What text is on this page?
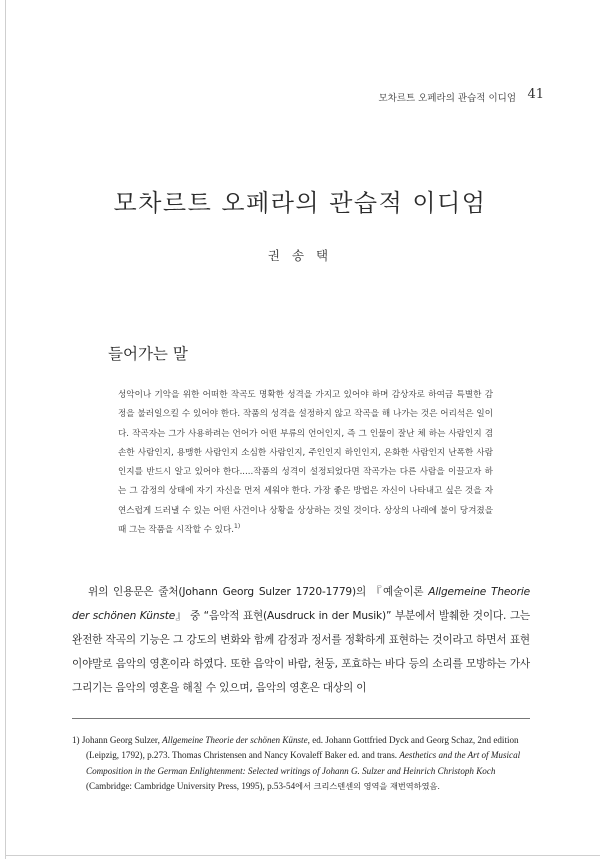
모차르트 오페라의 관습적 이디엄 41
모차르트 오페라의 관습적 이디엄
권 송 택
들어가는 말

성악이나 기악을 위한 어떠한 작곡도 명확한 성격을 가지고 있어야 하며 감상자로 하여금 특별한 감정을 불러일으킬 수 있어야 한다. 작품의 성격을 설정하지 않고 작곡을 해 나가는 것은 어리석은 일이다. 작곡자는 그가 사용하려는 언어가 어떤 부류의 언어인지, 즉 그 인물이 잘난 체 하는 사람인지 겸손한 사람인지, 용맹한 사람인지 소심한 사람인지, 주인인지 하인인지, 온화한 사람인지 난폭한 사람인지를 반드시 알고 있어야 한다.....작품의 성격이 설정되었다면 작곡가는 다른 사람을 이끌고자 하는 그 감정의 상태에 자기 자신을 먼저 세워야 한다. 가장 좋은 방법은 자신이 나타내고 싶은 것을 자연스럽게 드러낼 수 있는 어떤 사건이나 상황을 상상하는 것일 것이다. 상상의 나래에 불이 당겨졌을 때 그는 작품을 시작할 수 있다.$^{1)}$

위의 인용문은 줄처(Johann Georg Sulzer 1720-1779)의 『예술이론 Allgemeine Theorie der schönen Künste』 중 “음악적 표현(Ausdruck in der Musik)” 부분에서 발췌한 것이다. 그는 완전한 작곡의 기능은 그 강도의 변화와 함께 감정과 정서를 정확하게 표현하는 것이라고 하면서 표현이야말로 음악의 영혼이라 하였다. 또한 음악이 바람, 천둥, 포효하는 바다 등의 소리를 모방하는 가사그리기는 음악의 영혼을 해칠 수 있으며, 음악의 영혼은 대상의 이

1) Johann Georg Sulzer, Allgemeine Theorie der schönen Künste, ed. Johann Gottfried Dyck and Georg Schaz, 2nd edition (Leipzig, 1792), p.273. Thomas Christensen and Nancy Kovaleff Baker ed. and trans. Aesthetics and the Art of Musical Composition in the German Enlightenment: Selected writings of Johann G. Sulzer and Heinrich Christoph Koch (Cambridge: Cambridge University Press, 1995), p.53-54에서 크리스텐센의 영역을 재번역하였음.
